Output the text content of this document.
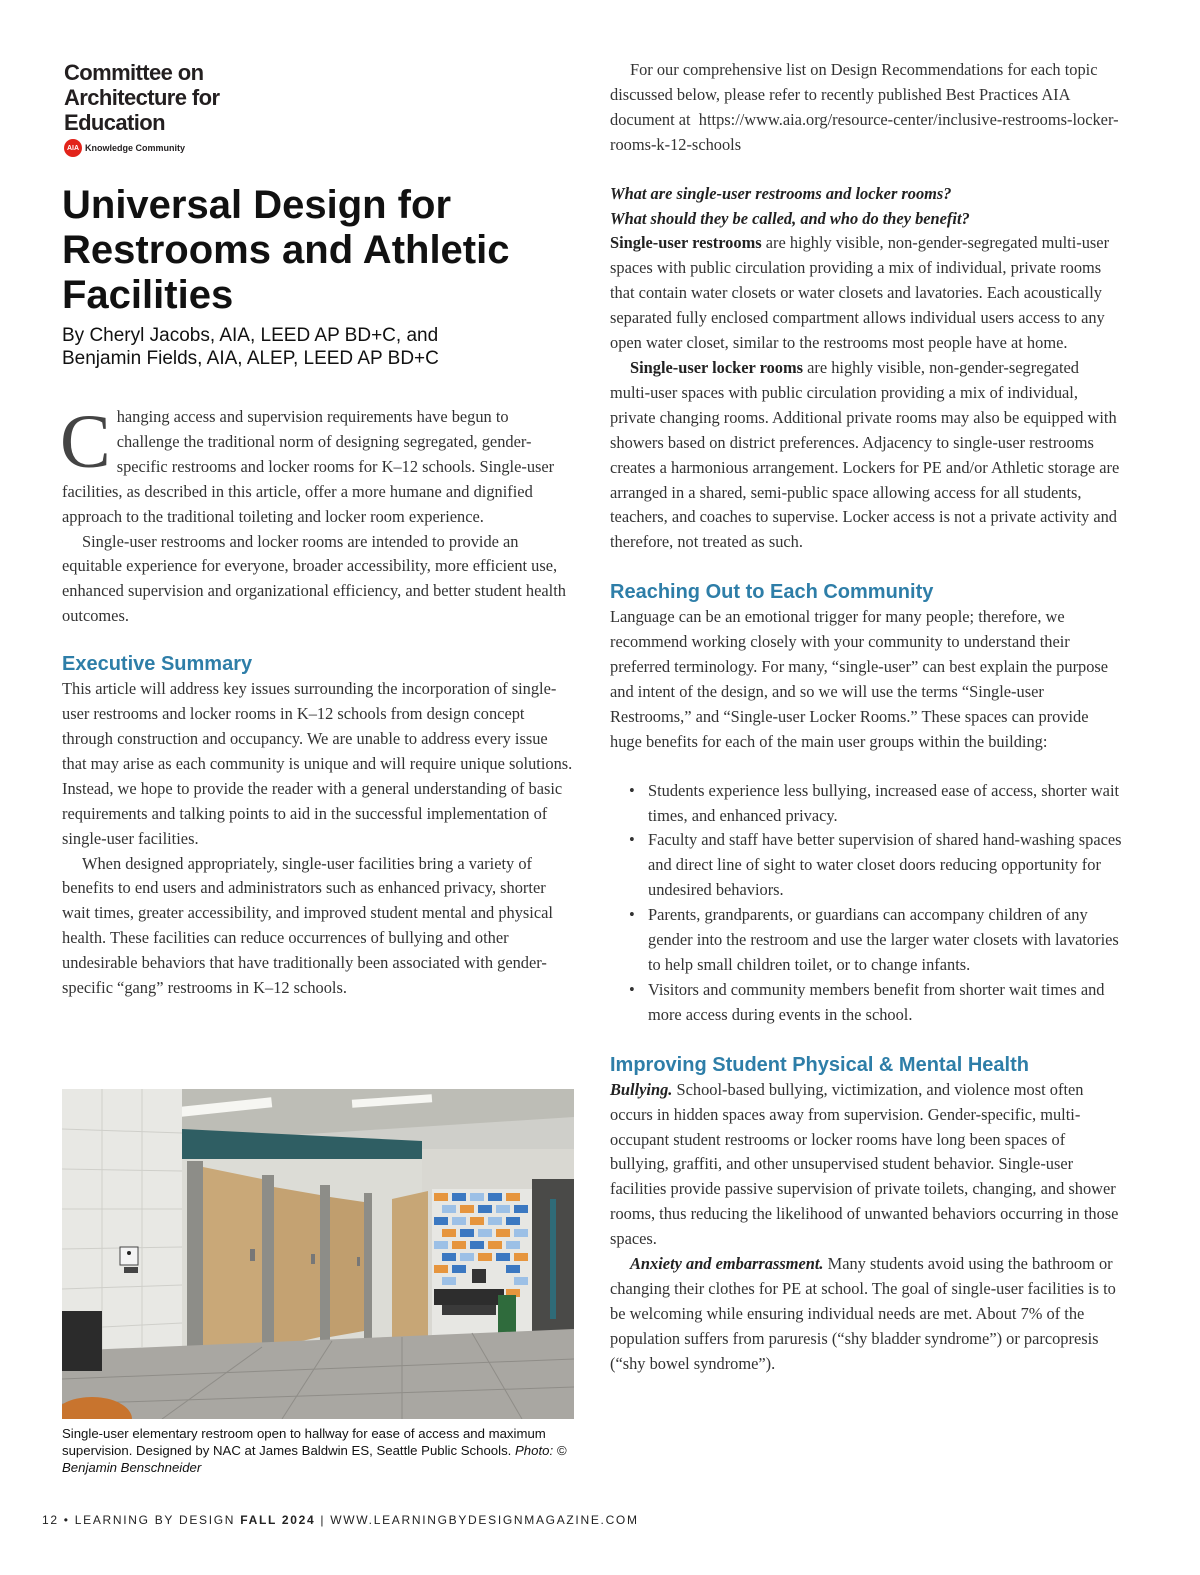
Committee on
Architecture for
Education
AIA Knowledge Community
Universal Design for Restrooms and Athletic Facilities
By Cheryl Jacobs, AIA, LEED AP BD+C, and
Benjamin Fields, AIA, ALEP, LEED AP BD+C

Changing access and supervision requirements have begun to challenge the traditional norm of designing segregated, gender-specific restrooms and locker rooms for K–12 schools. Single-user facilities, as described in this article, offer a more humane and dignified approach to the traditional toileting and locker room experience.

Single-user restrooms and locker rooms are intended to provide an equitable experience for everyone, broader accessibility, more efficient use, enhanced supervision and organizational efficiency, and better student health outcomes.

Executive Summary

This article will address key issues surrounding the incorporation of single-user restrooms and locker rooms in K–12 schools from design concept through construction and occupancy. We are unable to address every issue that may arise as each community is unique and will require unique solutions. Instead, we hope to provide the reader with a general understanding of basic requirements and talking points to aid in the successful implementation of single-user facilities.

When designed appropriately, single-user facilities bring a variety of benefits to end users and administrators such as enhanced privacy, shorter wait times, greater accessibility, and improved student mental and physical health. These facilities can reduce occurrences of bullying and other undesirable behaviors that have traditionally been associated with gender-specific “gang” restrooms in K–12 schools.

Single-user elementary restroom open to hallway for ease of access and maximum supervision. Designed by NAC at James Baldwin ES, Seattle Public Schools. Photo: © Benjamin Benschneider

For our comprehensive list on Design Recommendations for each topic discussed below, please refer to recently published Best Practices AIA document at https://www.aia.org/resource-center/inclusive-restrooms-locker-rooms-k-12-schools

What are single-user restrooms and locker rooms?

What should they be called, and who do they benefit?

Single-user restrooms are highly visible, non-gender-segregated multi-user spaces with public circulation providing a mix of individual, private rooms that contain water closets or water closets and lavatories. Each acoustically separated fully enclosed compartment allows individual users access to any open water closet, similar to the restrooms most people have at home.

Single-user locker rooms are highly visible, non-gender-segregated multi-user spaces with public circulation providing a mix of individual, private changing rooms. Additional private rooms may also be equipped with showers based on district preferences. Adjacency to single-user restrooms creates a harmonious arrangement. Lockers for PE and/or Athletic storage are arranged in a shared, semi-public space allowing access for all students, teachers, and coaches to supervise. Locker access is not a private activity and therefore, not treated as such.

Reaching Out to Each Community

Language can be an emotional trigger for many people; therefore, we recommend working closely with your community to understand their preferred terminology. For many, “single-user” can best explain the purpose and intent of the design, and so we will use the terms “Single-user Restrooms,” and “Single-user Locker Rooms.” These spaces can provide huge benefits for each of the main user groups within the building:

• Students experience less bullying, increased ease of access, shorter wait times, and enhanced privacy.
• Faculty and staff have better supervision of shared hand-washing spaces and direct line of sight to water closet doors reducing opportunity for undesired behaviors.
• Parents, grandparents, or guardians can accompany children of any gender into the restroom and use the larger water closets with lavatories to help small children toilet, or to change infants.
• Visitors and community members benefit from shorter wait times and more access during events in the school.
Improving Student Physical & Mental Health

Bullying. School-based bullying, victimization, and violence most often occurs in hidden spaces away from supervision. Gender-specific, multi-occupant student restrooms or locker rooms have long been spaces of bullying, graffiti, and other unsupervised student behavior. Single-user facilities provide passive supervision of private toilets, changing, and shower rooms, thus reducing the likelihood of unwanted behaviors occurring in those spaces.

Anxiety and embarrassment. Many students avoid using the bathroom or changing their clothes for PE at school. The goal of single-user facilities is to be welcoming while ensuring individual needs are met. About 7% of the population suffers from paruresis (“shy bladder syndrome”) or parcopresis (“shy bowel syndrome”).

12 • LEARNING BY DESIGN FALL 2024 | WWW.LEARNINGBYDESIGNMAGAZINE.COM
